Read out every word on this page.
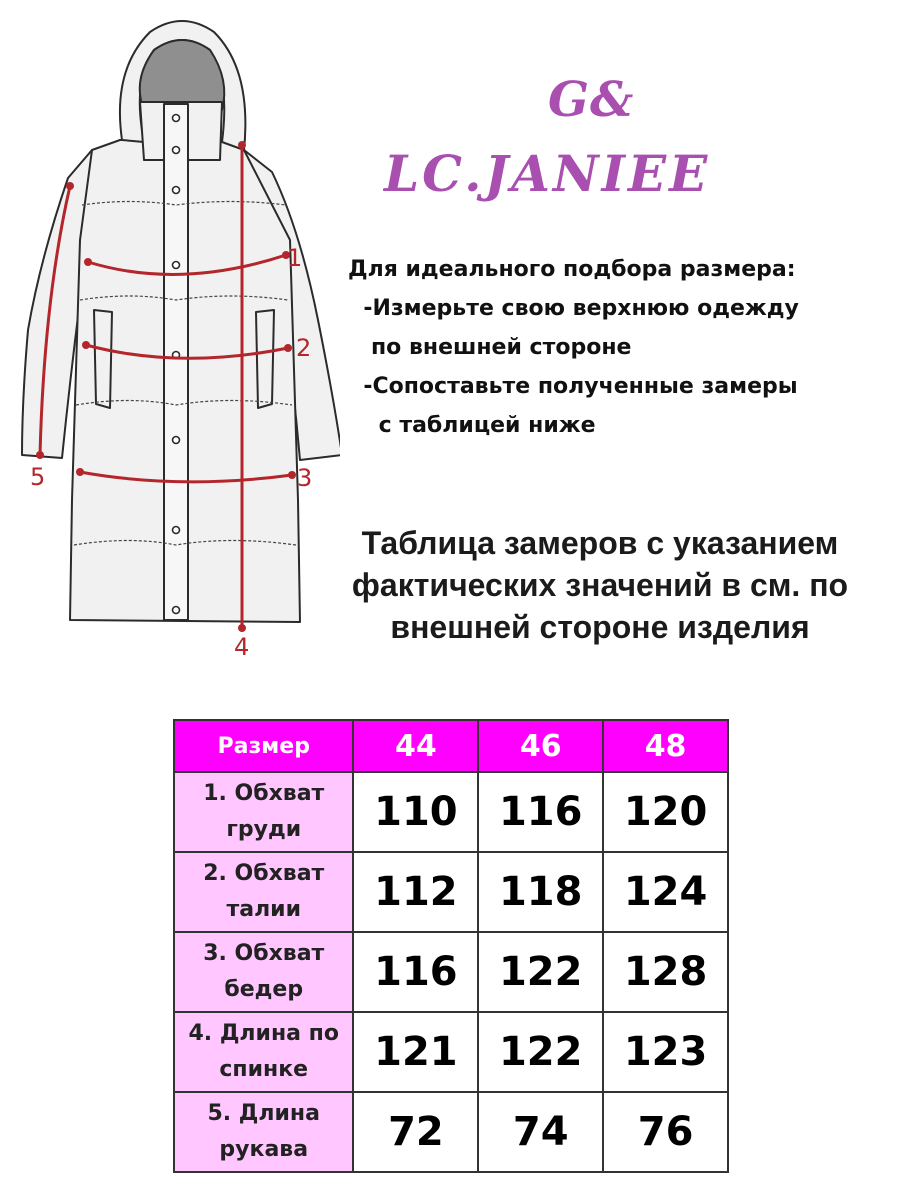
1
2
3
4
5
G&
LC.JANIEE
Для идеального подбора размера:
-Измерьте свою верхнюю одежду
по внешней стороне
-Сопоставьте полученные замеры
с таблицей ниже
Таблица замеров с указанием
фактических значений в см. по
внешней стороне изделия
Размер	44	46	48
1. Обхват
груди	110	116	120
2. Обхват
талии	112	118	124
3. Обхват
бедер	116	122	128
4. Длина по
спинке	121	122	123
5. Длина
рукава	72	74	76
